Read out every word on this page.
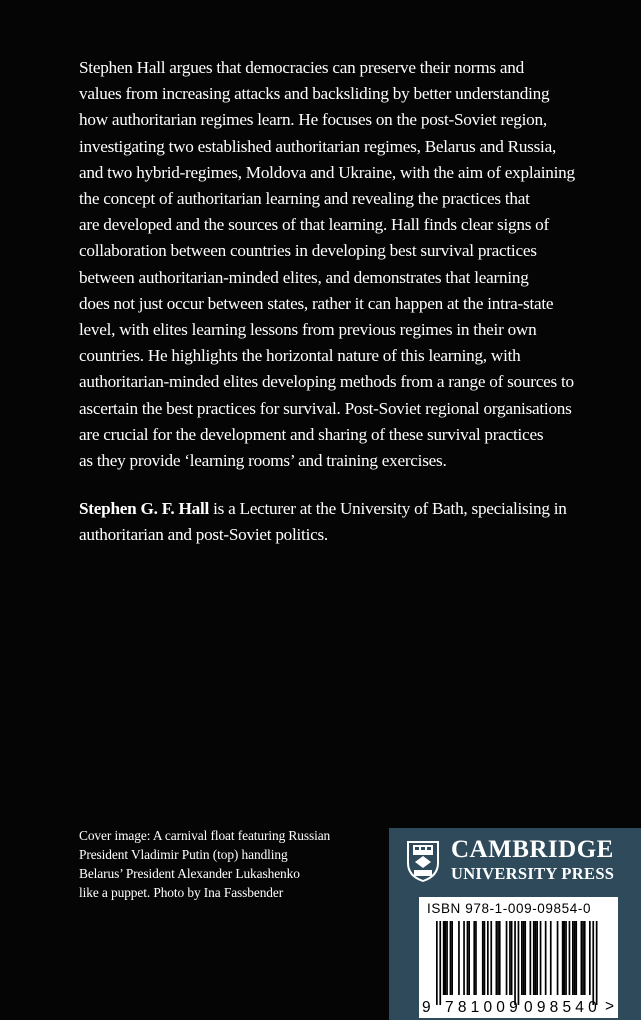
Stephen Hall argues that democracies can preserve their norms and
values from increasing attacks and backsliding by better understanding
how authoritarian regimes learn. He focuses on the post-Soviet region,
investigating two established authoritarian regimes, Belarus and Russia,
and two hybrid-regimes, Moldova and Ukraine, with the aim of explaining
the concept of authoritarian learning and revealing the practices that
are developed and the sources of that learning. Hall finds clear signs of
collaboration between countries in developing best survival practices
between authoritarian-minded elites, and demonstrates that learning
does not just occur between states, rather it can happen at the intra-state
level, with elites learning lessons from previous regimes in their own
countries. He highlights the horizontal nature of this learning, with
authoritarian-minded elites developing methods from a range of sources to
ascertain the best practices for survival. Post-Soviet regional organisations
are crucial for the development and sharing of these survival practices
as they provide ‘learning rooms’ and training exercises.

Stephen G. F. Hall is a Lecturer at the University of Bath, specialising in
authoritarian and post-Soviet politics.

Cover image: A carnival float featuring Russian
President Vladimir Putin (top) handling
Belarus’ President Alexander Lukashenko
like a puppet. Photo by Ina Fassbender

CAMBRIDGE
UNIVERSITY PRESS
ISBN 978-1-009-09854-0
9 781009 098540 >
